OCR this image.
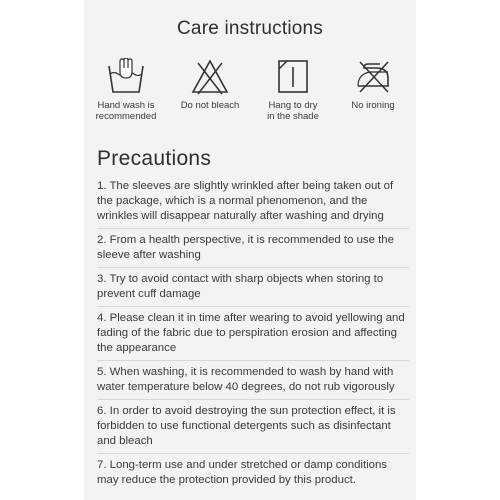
Care instructions
Hand wash is
recommended
Do not bleach	Hang to dry
in the shade
No ironing
Precautions
1. The sleeves are slightly wrinkled after being taken out of the package, which is a normal phenomenon, and the wrinkles will disappear naturally after washing and drying
2. From a health perspective, it is recommended to use the sleeve after washing
3. Try to avoid contact with sharp objects when storing to prevent cuff damage
4. Please clean it in time after wearing to avoid yellowing and fading of the fabric due to perspiration erosion and affecting the appearance
5. When washing, it is recommended to wash by hand with water temperature below 40 degrees, do not rub vigorously
6. In order to avoid destroying the sun protection effect, it is forbidden to use functional detergents such as disinfectant and bleach
7. Long-term use and under stretched or damp conditions may reduce the protection provided by this product.
